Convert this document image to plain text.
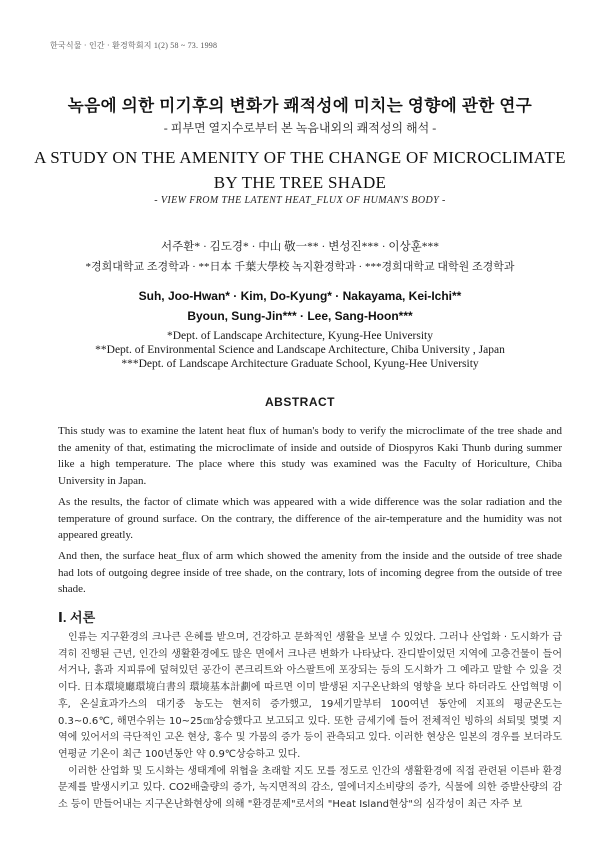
한국식물 · 인간 · 환경학회지 1(2) 58 ~ 73. 1998
녹음에 의한 미기후의 변화가 쾌적성에 미치는 영향에 관한 연구
- 피부면 열지수로부터 본 녹음내외의 쾌적성의 해석 -
A STUDY ON THE AMENITY OF THE CHANGE OF MICROCLIMATE
BY THE TREE SHADE
- VIEW FROM THE LATENT HEAT_FLUX OF HUMAN'S BODY -
서주환* · 김도경* · 中山 敬一** · 변성진*** · 이상훈***
*경희대학교 조경학과 · **日本 千葉大學校 녹지환경학과 · ***경희대학교 대학원 조경학과
Suh, Joo-Hwan* · Kim, Do-Kyung* · Nakayama, Kei-Ichi**
Byoun, Sung-Jin*** · Lee, Sang-Hoon***
*Dept. of Landscape Architecture, Kyung-Hee University
**Dept. of Environmental Science and Landscape Architecture, Chiba University , Japan
***Dept. of Landscape Architecture Graduate School, Kyung-Hee University
ABSTRACT

This study was to examine the latent heat flux of human's body to verify the microclimate of the tree shade and the amenity of that, estimating the microclimate of inside and outside of Diospyros Kaki Thunb during summer like a high temperature. The place where this study was examined was the Faculty of Horiculture, Chiba University in Japan.

As the results, the factor of climate which was appeared with a wide difference was the solar radiation and the temperature of ground surface. On the contrary, the difference of the air-temperature and the humidity was not appeared greatly.

And then, the surface heat_flux of arm which showed the amenity from the inside and the outside of tree shade had lots of outgoing degree inside of tree shade, on the contrary, lots of incoming degree from the outside of tree shade.

Ⅰ. 서론

인류는 지구환경의 크나큰 은혜를 받으며, 건강하고 문화적인 생활을 보낼 수 있었다. 그러나 산업화 · 도시화가 급격히 진행된 근년, 인간의 생활환경에도 많은 면에서 크나큰 변화가 나타났다. 잔디밭이었던 지역에 고층건물이 들어서거나, 흙과 지피류에 덮혀있던 공간이 콘크리트와 아스팔트에 포장되는 등의 도시화가 그 예라고 말할 수 있을 것이다. 日本環境廳環境白書의 環境基本計劃에 따르면 이미 발생된 지구온난화의 영향을 보다 하더라도 산업혁명 이후, 온실효과가스의 대기중 농도는 현저히 증가했고, 19세기말부터 100여년 동안에 지표의 평균온도는 0.3~0.6℃, 해면수위는 10~25㎝상승했다고 보고되고 있다. 또한 금세기에 들어 전체적인 빙하의 쇠퇴및 몇몇 지역에 있어서의 극단적인 고온 현상, 홍수 및 가뭄의 증가 등이 관측되고 있다. 이러한 현상은 일본의 경우를 보더라도 연평균 기온이 최근 100년동안 약 0.9℃상승하고 있다.

이러한 산업화 및 도시화는 생태계에 위협을 초래할 지도 모를 정도로 인간의 생활환경에 직접 관련된 이른바 환경 문제를 발생시키고 있다. CO2배출량의 증가, 녹지면적의 감소, 열에너지소비량의 증가, 식물에 의한 증발산량의 감소 등이 만들어내는 지구온난화현상에 의해 "환경문제"로서의 "Heat Island현상"의 심각성이 최근 자주 보
